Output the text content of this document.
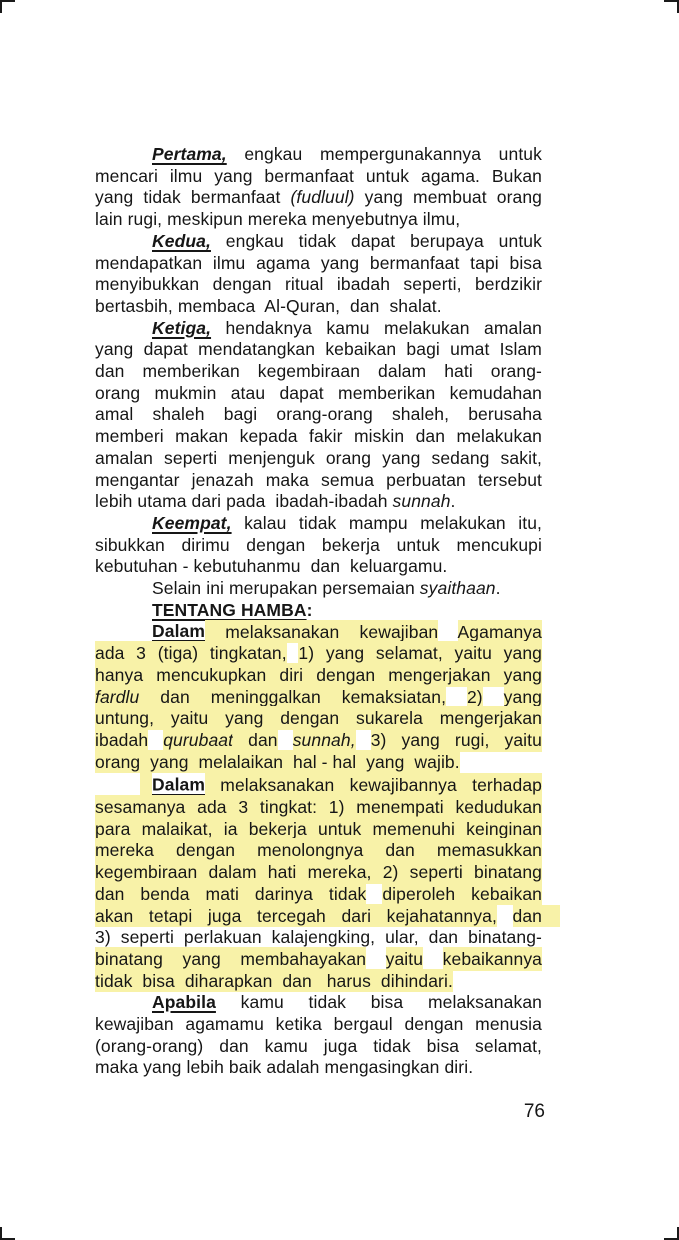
Pertama, engkau mempergunakannya untuk
mencari ilmu yang bermanfaat untuk agama. Bukan
yang tidak bermanfaat (fudluul) yang membuat orang
lain rugi, meskipun mereka menyebutnya ilmu,
Kedua, engkau tidak dapat berupaya untuk
mendapatkan ilmu agama yang bermanfaat tapi bisa
menyibukkan dengan ritual ibadah seperti, berdzikir
bertasbih, membaca  Al-Quran,  dan  shalat.
Ketiga, hendaknya kamu melakukan amalan
yang dapat mendatangkan kebaikan bagi umat Islam
dan memberikan kegembiraan dalam hati orang-
orang mukmin atau dapat memberikan kemudahan
amal shaleh bagi orang-orang shaleh, berusaha
memberi makan kepada fakir miskin dan melakukan
amalan seperti menjenguk orang yang sedang sakit,
mengantar jenazah maka semua perbuatan tersebut
lebih utama dari pada  ibadah-ibadah sunnah.
Keempat, kalau tidak mampu melakukan itu,
sibukkan dirimu dengan bekerja untuk mencukupi
kebutuhan - kebutuhanmu  dan  keluargamu.
Selain ini merupakan persemaian syaithaan.
TENTANG HAMBA:
Dalam melaksanakan kewajiban Agamanya
ada 3 (tiga) tingkatan, 1) yang selamat, yaitu yang
hanya mencukupkan diri dengan mengerjakan yang
fardlu dan meninggalkan kemaksiatan, 2) yang
untung, yaitu yang dengan sukarela mengerjakan
ibadah qurubaat dan sunnah, 3) yang rugi, yaitu
orang  yang  melalaikan  hal - hal  yang  wajib.
Dalam melaksanakan kewajibannya terhadap
sesamanya ada 3 tingkat: 1) menempati kedudukan
para malaikat, ia bekerja untuk memenuhi keinginan
mereka dengan menolongnya dan memasukkan
kegembiraan dalam hati mereka, 2) seperti binatang
dan benda mati darinya tidak diperoleh kebaikan
akan tetapi juga tercegah dari kejahatannya, dan
3) seperti perlakuan kalajengking, ular, dan binatang-
binatang yang membahayakan yaitu kebaikannya
tidak  bisa  diharapkan  dan   harus  dihindari.
Apabila kamu tidak bisa melaksanakan
kewajiban agamamu ketika bergaul dengan menusia
(orang-orang) dan kamu juga tidak bisa selamat,
maka yang lebih baik adalah mengasingkan diri.
76
